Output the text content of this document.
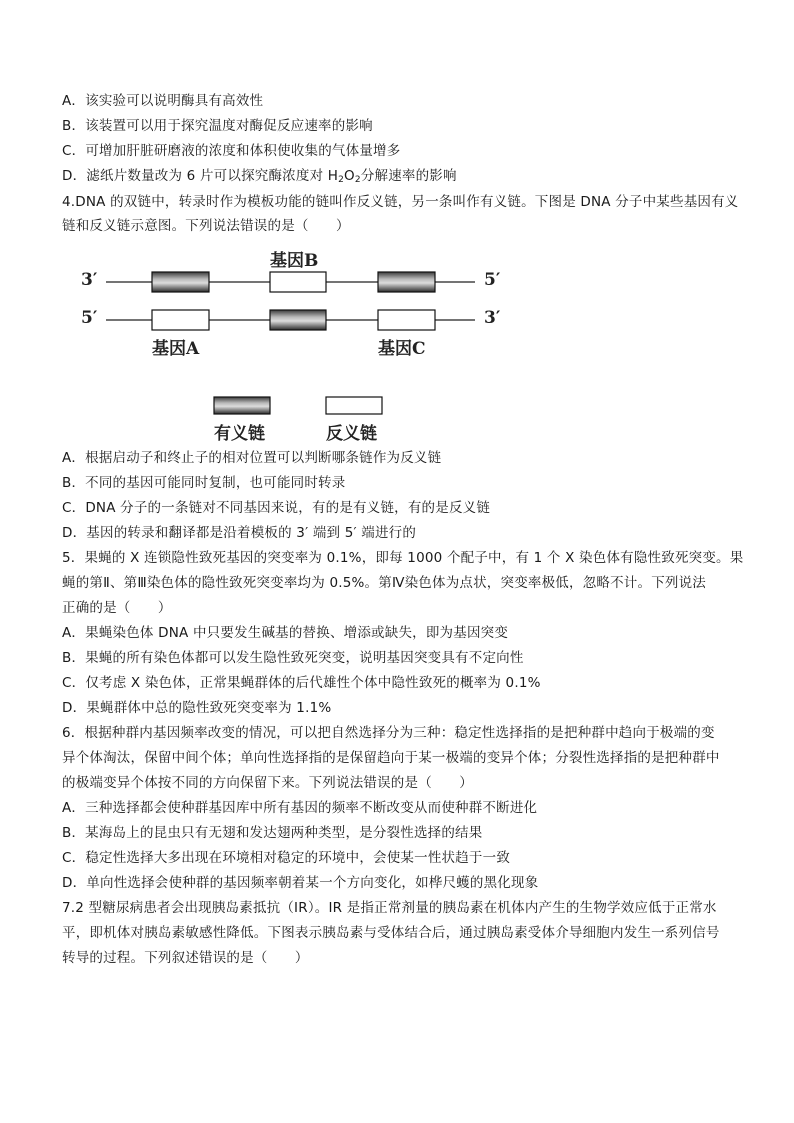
A．该实验可以说明酶具有高效性
B．该装置可以用于探究温度对酶促反应速率的影响
C．可增加肝脏研磨液的浓度和体积使收集的气体量增多
D．滤纸片数量改为 6 片可以探究酶浓度对 $H_2O_2$分解速率的影响
4.DNA 的双链中，转录时作为模板功能的链叫作反义链，另一条叫作有义链。下图是 DNA 分子中某些基因有义
链和反义链示意图。下列说法错误的是（　　）
3′	5′
5′	3′
基因B
基因A	基因C
有义链	反义链
A．根据启动子和终止子的相对位置可以判断哪条链作为反义链
B．不同的基因可能同时复制，也可能同时转录
C．DNA 分子的一条链对不同基因来说，有的是有义链，有的是反义链
D．基因的转录和翻译都是沿着模板的 3′ 端到 5′ 端进行的
5．果蝇的 X 连锁隐性致死基因的突变率为 0.1%，即每 1000 个配子中，有 1 个 X 染色体有隐性致死突变。果
蝇的第Ⅱ、第Ⅲ染色体的隐性致死突变率均为 0.5%。第Ⅳ染色体为点状，突变率极低，忽略不计。下列说法
正确的是（　　）
A．果蝇染色体 DNA 中只要发生碱基的替换、增添或缺失，即为基因突变
B．果蝇的所有染色体都可以发生隐性致死突变，说明基因突变具有不定向性
C．仅考虑 X 染色体，正常果蝇群体的后代雄性个体中隐性致死的概率为 0.1%
D．果蝇群体中总的隐性致死突变率为 1.1%
6．根据种群内基因频率改变的情况，可以把自然选择分为三种：稳定性选择指的是把种群中趋向于极端的变
异个体淘汰，保留中间个体；单向性选择指的是保留趋向于某一极端的变异个体；分裂性选择指的是把种群中
的极端变异个体按不同的方向保留下来。下列说法错误的是（　　）
A．三种选择都会使种群基因库中所有基因的频率不断改变从而使种群不断进化
B．某海岛上的昆虫只有无翅和发达翅两种类型，是分裂性选择的结果
C．稳定性选择大多出现在环境相对稳定的环境中，会使某一性状趋于一致
D．单向性选择会使种群的基因频率朝着某一个方向变化，如桦尺蠖的黑化现象
7.2 型糖尿病患者会出现胰岛素抵抗（IR）。IR 是指正常剂量的胰岛素在机体内产生的生物学效应低于正常水
平，即机体对胰岛素敏感性降低。下图表示胰岛素与受体结合后，通过胰岛素受体介导细胞内发生一系列信号
转导的过程。下列叙述错误的是（　　）
